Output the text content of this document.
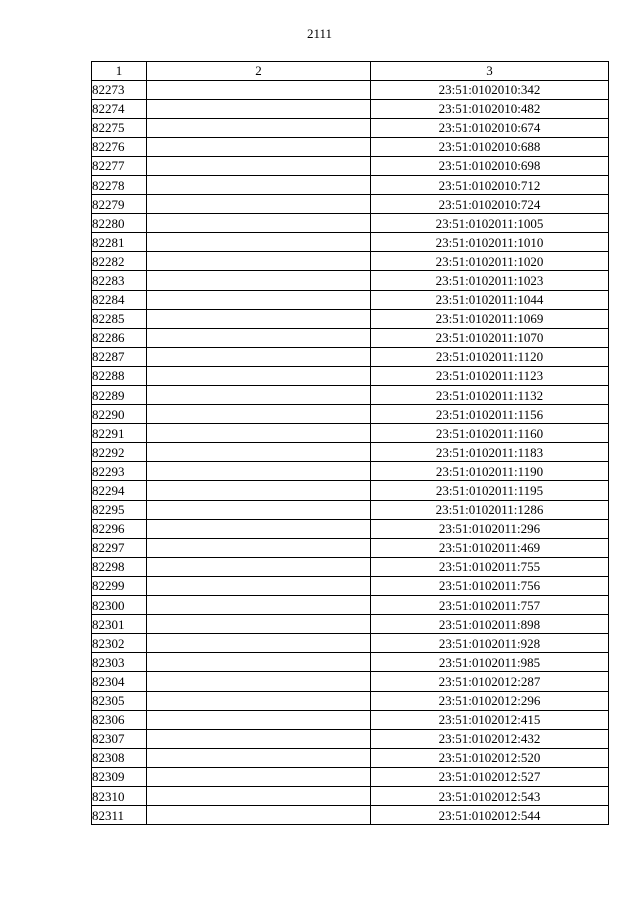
2111
1	2	3
82273		23:51:0102010:342
82274		23:51:0102010:482
82275		23:51:0102010:674
82276		23:51:0102010:688
82277		23:51:0102010:698
82278		23:51:0102010:712
82279		23:51:0102010:724
82280		23:51:0102011:1005
82281		23:51:0102011:1010
82282		23:51:0102011:1020
82283		23:51:0102011:1023
82284		23:51:0102011:1044
82285		23:51:0102011:1069
82286		23:51:0102011:1070
82287		23:51:0102011:1120
82288		23:51:0102011:1123
82289		23:51:0102011:1132
82290		23:51:0102011:1156
82291		23:51:0102011:1160
82292		23:51:0102011:1183
82293		23:51:0102011:1190
82294		23:51:0102011:1195
82295		23:51:0102011:1286
82296		23:51:0102011:296
82297		23:51:0102011:469
82298		23:51:0102011:755
82299		23:51:0102011:756
82300		23:51:0102011:757
82301		23:51:0102011:898
82302		23:51:0102011:928
82303		23:51:0102011:985
82304		23:51:0102012:287
82305		23:51:0102012:296
82306		23:51:0102012:415
82307		23:51:0102012:432
82308		23:51:0102012:520
82309		23:51:0102012:527
82310		23:51:0102012:543
82311		23:51:0102012:544
